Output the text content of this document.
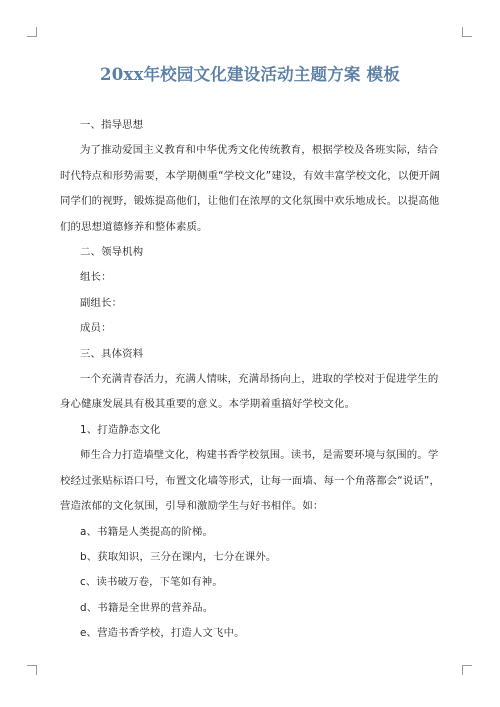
20xx年校园文化建设活动主题方案 模板

一、指导思想

为了推动爱国主义教育和中华优秀文化传统教育，根据学校及各班实际，结合时代特点和形势需要，本学期侧重“学校文化”建设，有效丰富学校文化，以便开阔同学们的视野，锻炼提高他们，让他们在浓厚的文化氛围中欢乐地成长。以提高他们的思想道德修养和整体素质。

二、领导机构

组长：

副组长：

成员：

三、具体资料

一个充满青春活力，充满人情味，充满昂扬向上，进取的学校对于促进学生的身心健康发展具有极其重要的意义。本学期着重搞好学校文化。

1、打造静态文化

师生合力打造墙壁文化，构建书香学校氛围。读书，是需要环境与氛围的。学校经过张贴标语口号，布置文化墙等形式，让每一面墙、每一个角落都会“说话”，营造浓郁的文化氛围，引导和激励学生与好书相伴。如：

a、书籍是人类提高的阶梯。

b、获取知识，三分在课内，七分在课外。

c、读书破万卷，下笔如有神。

d、书籍是全世界的营养品。

e、营造书香学校，打造人文飞中。
